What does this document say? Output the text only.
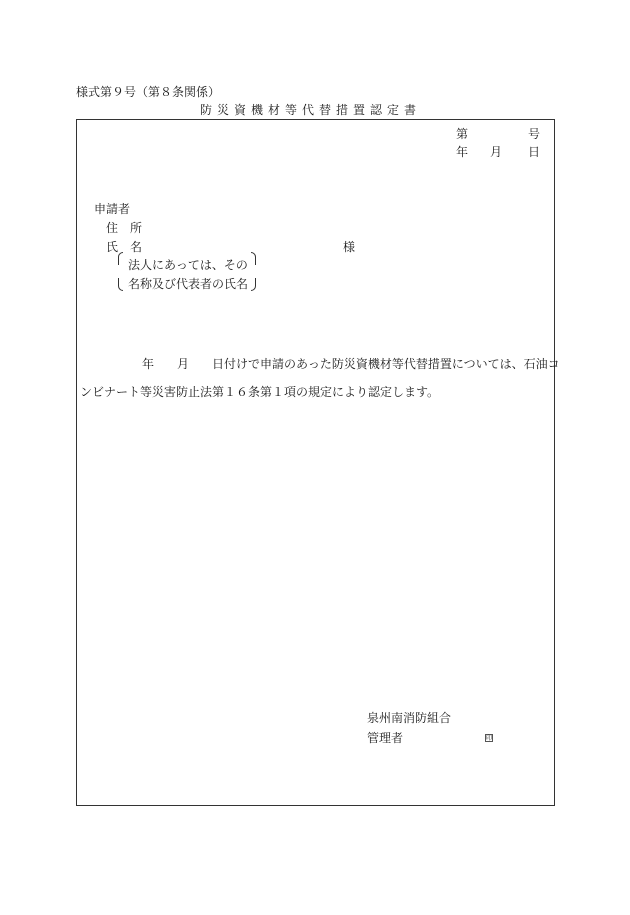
様式第９号（第８条関係）
防災資機材等代替措置認定書
第	号
年 月 日
申請者
住　所
氏　名	様
法人にあっては、その
名称及び代表者の氏名
年 月 日付けで申請のあった防災資機材等代替措置については、石油コ
ンビナート等災害防止法第１６条第１項の規定により認定します。
泉州南消防組合
管理者	印
